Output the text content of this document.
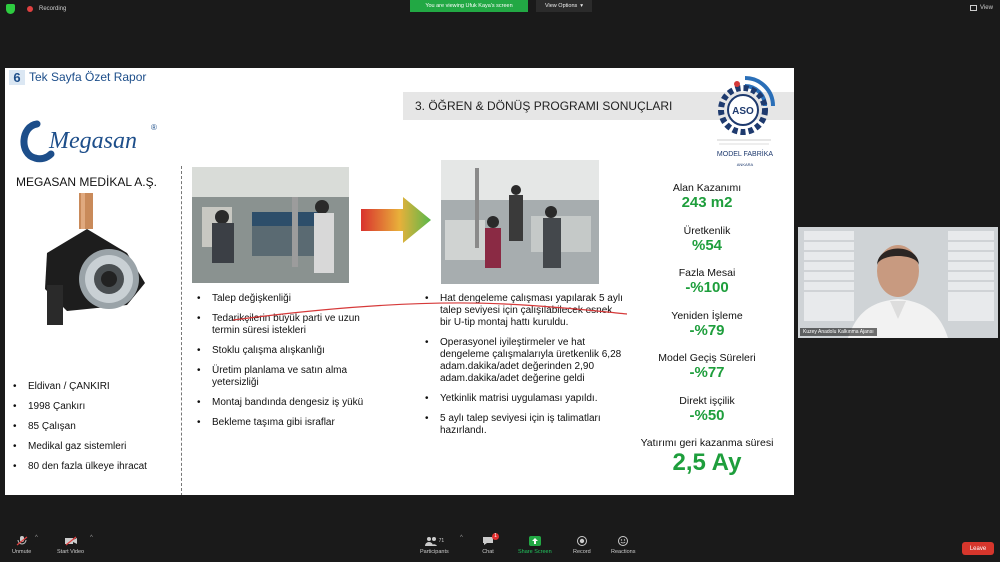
Recording	You are viewing Ufuk Kaya's screen	View Options ▾	View
6 Tek Sayfa Özet Rapor
3. ÖĞREN & DÖNÜŞ PROGRAMI SONUÇLARI	ASO
MODEL FABRİKA
ANKARA
Megasan
®
MEGASAN MEDİKAL A.Ş.
• Eldivan / ÇANKIRI
• 1998 Çankırı
• 85 Çalışan
• Medikal gaz sistemleri
• 80 den fazla ülkeye ihracat
• Talep değişkenliği
• Tedarikçilerin büyük parti ve uzun termin süresi istekleri
• Stoklu çalışma alışkanlığı
• Üretim planlama ve satın alma yetersizliği
• Montaj bandında dengesiz iş yükü
• Bekleme taşıma gibi israflar
• Hat dengeleme çalışması yapılarak 5 aylı talep seviyesi için çalışılabilecek esnek bir U-tip montaj hattı kuruldu.
• Operasyonel iyileştirmeler ve hat dengeleme çalışmalarıyla üretkenlik 6,28 adam.dakika/adet değerinden 2,90 adam.dakika/adet değerine geldi
• Yetkinlik matrisi uygulaması yapıldı.
• 5 aylı talep seviyesi için iş talimatları hazırlandı.
Alan Kazanımı
243 m2
Üretkenlik
%54
Fazla Mesai
-%100
Yeniden İşleme
-%79
Model Geçiş Süreleri
-%77
Direkt işçilik
-%50
Yatırımı geri kazanma süresi
2,5 Ay
Kuzey Anadolu Kalkınma Ajansı
Unmute
^
Start Video
^	71
Participants
^	1
Chat	Share Screen	Record	Reactions
Leave
